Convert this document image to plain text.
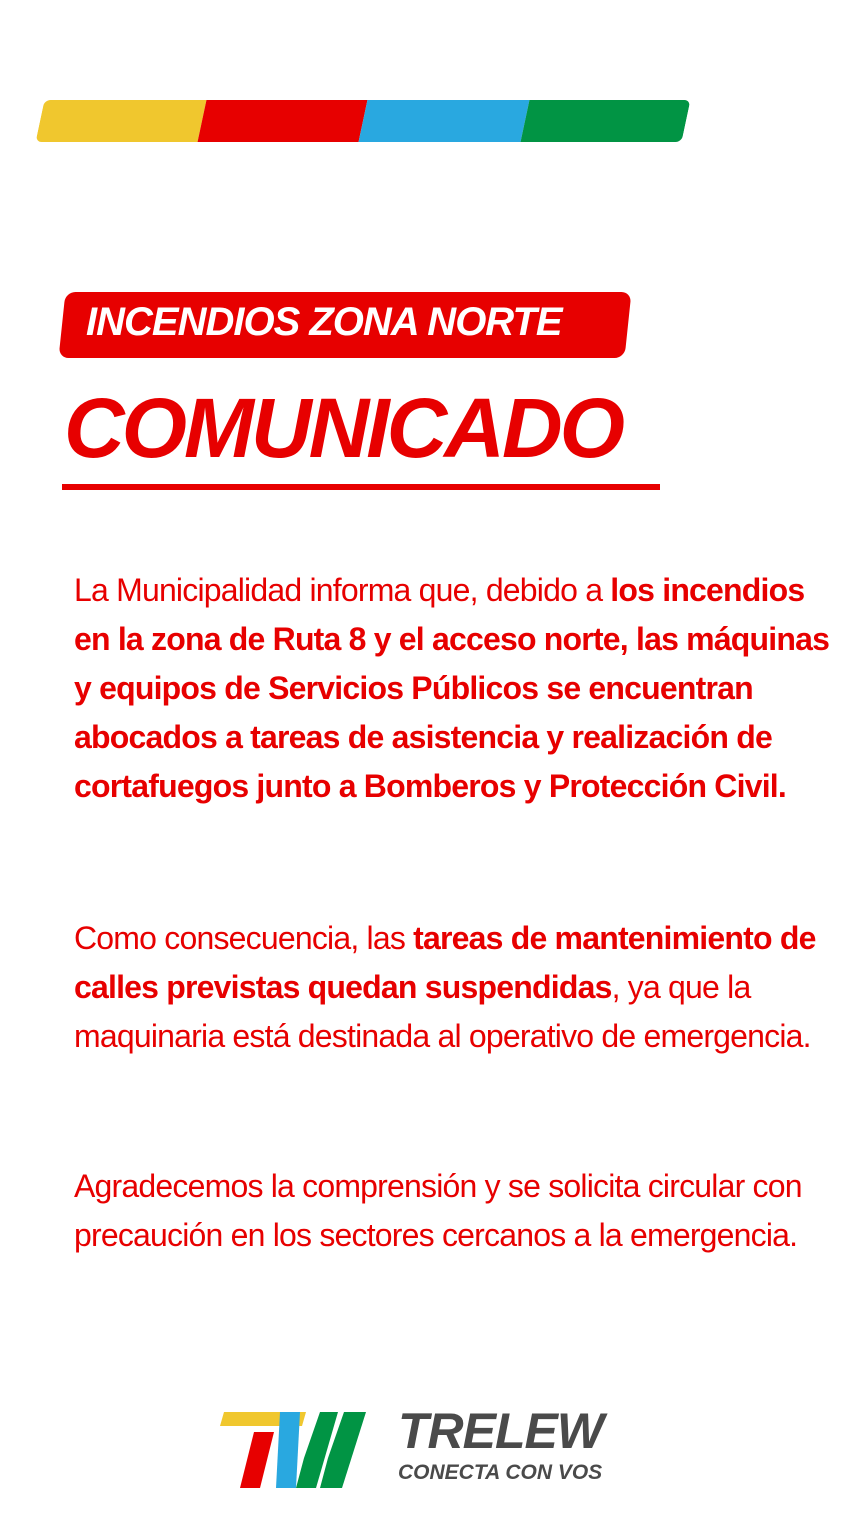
INCENDIOS ZONA NORTE
COMUNICADO
La Municipalidad informa que, debido a los incendios en la zona de Ruta 8 y el acceso norte, las máquinas y equipos de Servicios Públicos se encuentran abocados a tareas de asistencia y realización de cortafuegos junto a Bomberos y Protección Civil.
Como consecuencia, las tareas de mantenimiento de calles previstas quedan suspendidas, ya que la maquinaria está destinada al operativo de emergencia.
Agradecemos la comprensión y se solicita circular con precaución en los sectores cercanos a la emergencia.
TRELEW
CONECTA CON VOS
